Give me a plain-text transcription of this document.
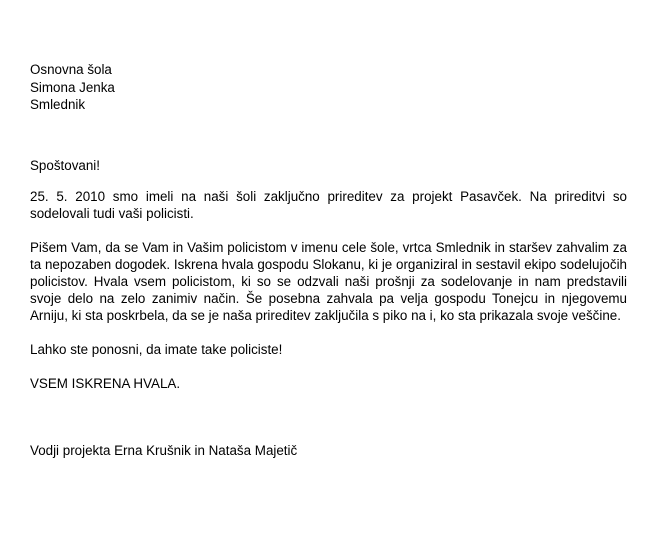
Osnovna šola

Simona Jenka

Smlednik

Spoštovani!

25. 5. 2010 smo imeli na naši šoli zaključno prireditev za projekt Pasavček. Na prireditvi so sodelovali tudi vaši policisti.

Pišem Vam, da se Vam in Vašim policistom v imenu cele šole, vrtca Smlednik in staršev zahvalim za ta nepozaben dogodek. Iskrena hvala gospodu Slokanu, ki je organiziral in sestavil ekipo sodelujočih policistov. Hvala vsem policistom, ki so se odzvali naši prošnji za sodelovanje in nam predstavili svoje delo na zelo zanimiv način. Še posebna zahvala pa velja gospodu Tonejcu in njegovemu Arniju, ki sta poskrbela, da se je naša prireditev zaključila s piko na i, ko sta prikazala svoje veščine.

Lahko ste ponosni, da imate take policiste!

VSEM ISKRENA HVALA.

Vodji projekta Erna Krušnik in Nataša Majetič
